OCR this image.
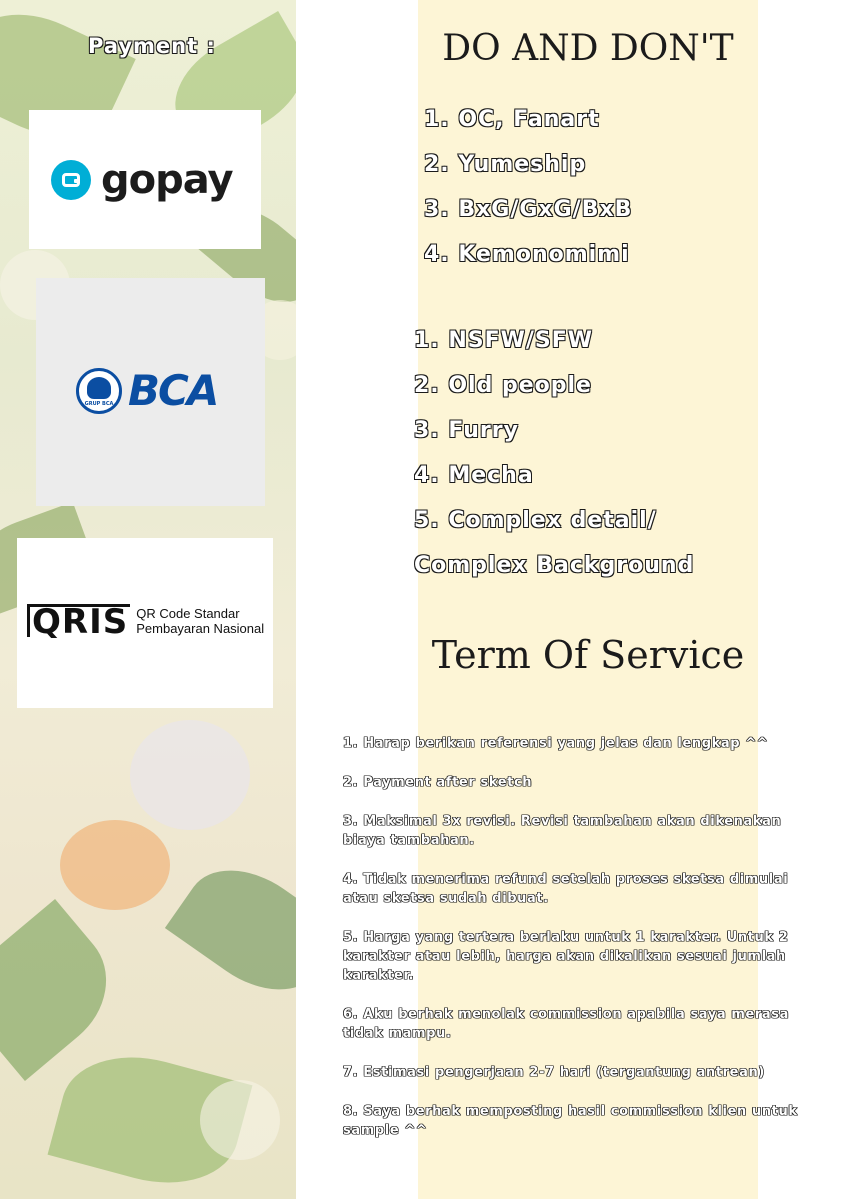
Payment :
gopay
GRUP BCA BCA
QRIS QR Code Standar
Pembayaran Nasional
DO AND DON'T
1. OC, Fanart
2. Yumeship
3. BxG/GxG/BxB
4. Kemonomimi
1. NSFW/SFW
2. Old people
3. Furry
4. Mecha
5. Complex detail/
Complex Background
Term Of Service
1. Harap berikan referensi yang jelas dan lengkap ^^
2. Payment after sketch
3. Maksimal 3x revisi. Revisi tambahan akan dikenakan biaya tambahan.
4. Tidak menerima refund setelah proses sketsa dimulai atau sketsa sudah dibuat.
5. Harga yang tertera berlaku untuk 1 karakter. Untuk 2 karakter atau lebih, harga akan dikalikan sesuai jumlah karakter.
6. Aku berhak menolak commission apabila saya merasa tidak mampu.
7. Estimasi pengerjaan 2-7 hari (tergantung antrean)
8. Saya berhak memposting hasil commission klien untuk sample ^^
